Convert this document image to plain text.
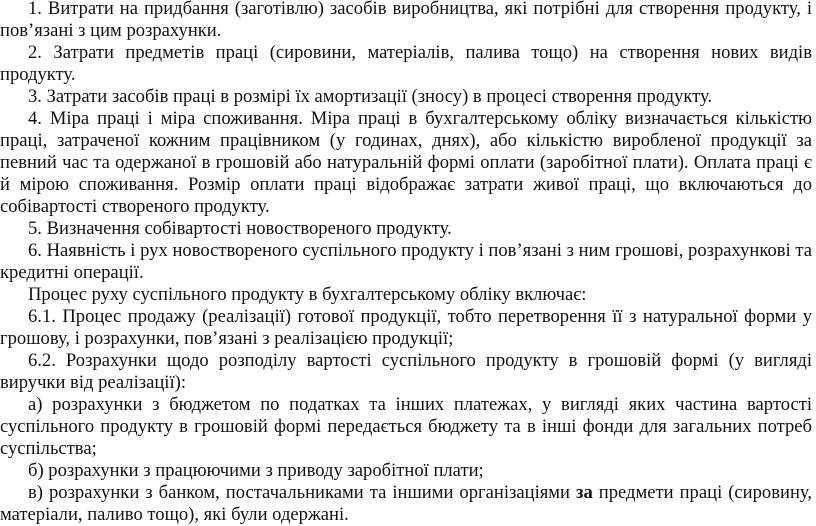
1. Витрати на придбання (заготівлю) засобів виробництва, які потрібні для створення продукту, і пов’язані з цим розрахунки.

2. Затрати предметів праці (сировини, матеріалів, палива тощо) на створення нових видів продукту.

3. Затрати засобів праці в розмірі їх амортизації (зносу) в процесі створення продукту.

4. Міра праці і міра споживання. Міра праці в бухгалтерському обліку визначається кількістю праці, затраченої кожним працівником (у годинах, днях), або кількістю виробленої продукції за певний час та одержаної в грошовій або натуральній формі оплати (заробітної плати). Оплата праці є й мірою споживання. Розмір оплати праці відображає затрати живої праці, що включаються до собівартості створеного продукту.

5. Визначення собівартості новоствореного продукту.

6. Наявність і рух новоствореного суспільного продукту і пов’язані з ним грошові, розрахункові та кредитні операції.

Процес руху суспільного продукту в бухгалтерському обліку включає:

6.1. Процес продажу (реалізації) готової продукції, тобто перетворення її з натуральної форми у грошову, і розрахунки, пов’язані з реалізацією продукції;

6.2. Розрахунки щодо розподілу вартості суспільного продукту в грошовій формі (у вигляді виручки від реалізації):

а) розрахунки з бюджетом по податках та інших платежах, у вигляді яких частина вартості суспільного продукту в грошовій формі передається бюджету та в інші фонди для загальних потреб суспільства;

б) розрахунки з працюючими з приводу заробітної плати;

в) розрахунки з банком, постачальниками та іншими організаціями за предмети праці (сировину, матеріали, паливо тощо), які були одержані.
